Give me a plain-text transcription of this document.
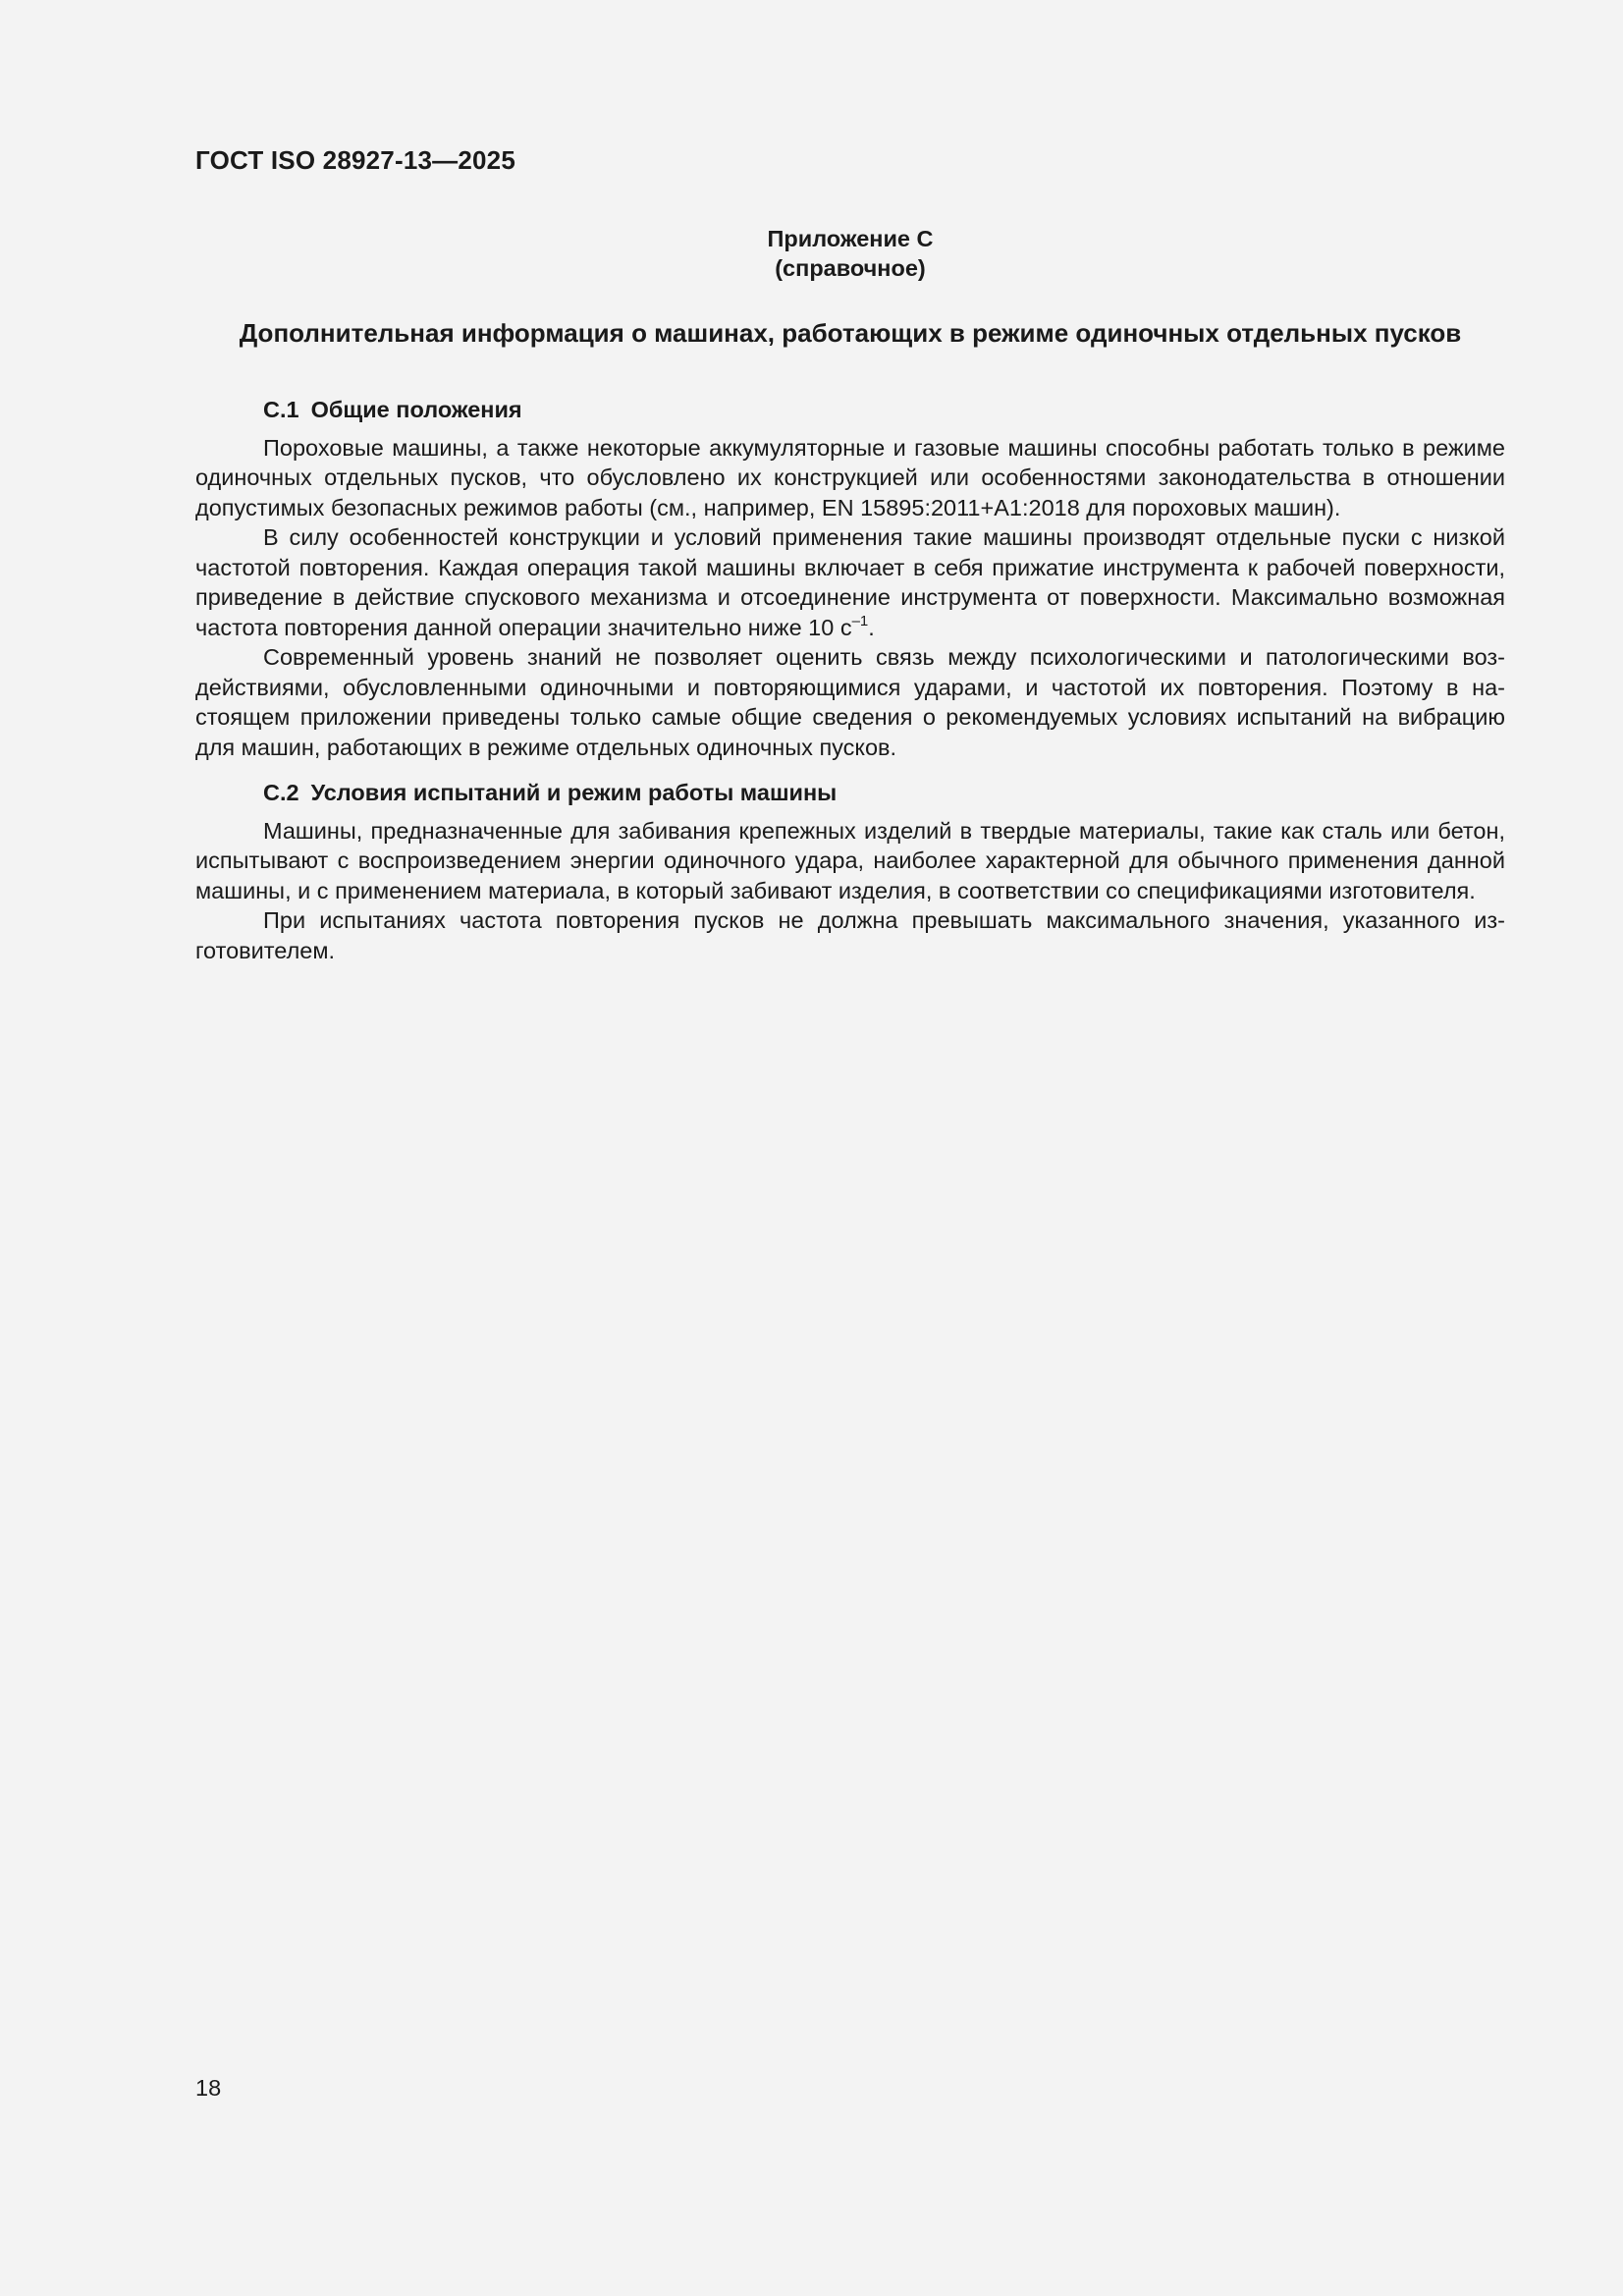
ГОСТ ISO 28927-13—2025
Приложение C
(справочное)
Дополнительная информация о машинах, работающих в режиме одиночных отдельных пусков
C.1 Общие положения

Пороховые машины, а также некоторые аккумуляторные и газовые машины способны работать только в режиме одиночных отдельных пусков, что обусловлено их конструкцией или особенностями законодательства в отношении допустимых безопасных режимов работы (см., например, EN 15895:2011+A1:2018 для пороховых машин).

В силу особенностей конструкции и условий применения такие машины производят отдельные пуски с низкой частотой повторения. Каждая операция такой машины включает в себя прижатие инструмента к рабочей поверхности, приведение в действие спускового механизма и отсоединение инструмента от поверхности. Максимально возможная частота повторения данной операции значительно ниже 10 $с^{-1}$.

Современный уровень знаний не позволяет оценить связь между психологическими и патологическими воздействиями, обусловленными одиночными и повторяющимися ударами, и частотой их повторения. Поэтому в настоящем приложении приведены только самые общие сведения о рекомендуемых условиях испытаний на вибрацию для машин, работающих в режиме отдельных одиночных пусков.

C.2 Условия испытаний и режим работы машины

Машины, предназначенные для забивания крепежных изделий в твердые материалы, такие как сталь или бетон, испытывают с воспроизведением энергии одиночного удара, наиболее характерной для обычного применения данной машины, и с применением материала, в который забивают изделия, в соответствии со спецификациями изготовителя.

При испытаниях частота повторения пусков не должна превышать максимального значения, указанного изготовителем.

18
